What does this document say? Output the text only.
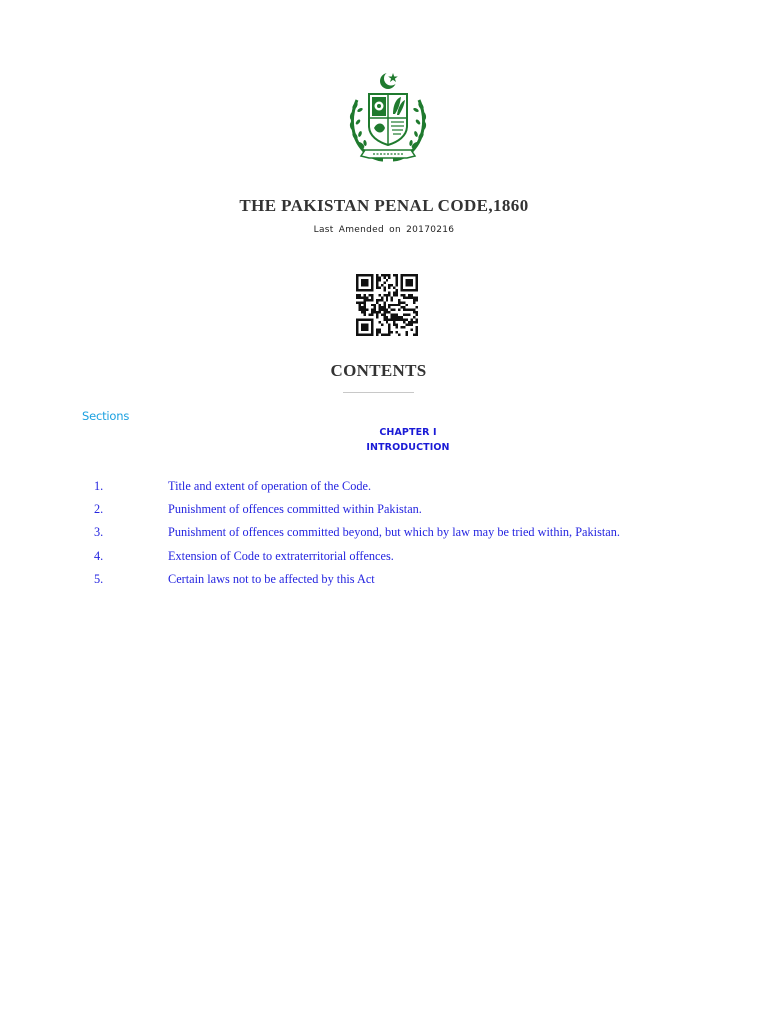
THE PAKISTAN PENAL CODE,1860
Last Amended on 20170216
CONTENTS
Sections
CHAPTER I
INTRODUCTION
1.	Title and extent of operation of the Code.
2.	Punishment of offences committed within Pakistan.
3.	Punishment of offences committed beyond, but which by law may be tried within, Pakistan.
4.	Extension of Code to extraterritorial offences.
5.	Certain laws not to be affected by this Act
